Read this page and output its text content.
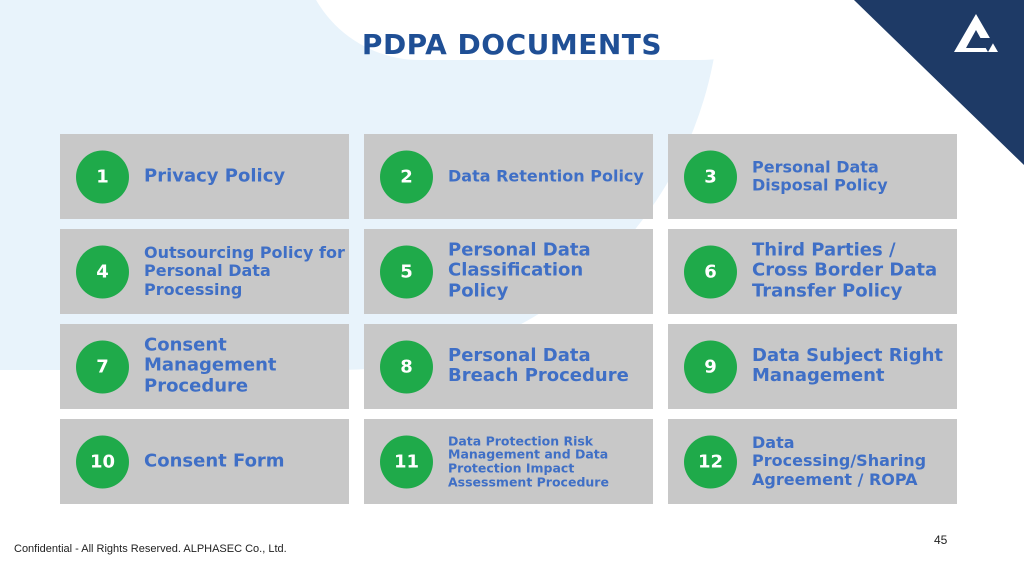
PDPA DOCUMENTS
1	Privacy Policy	2	Data Retention Policy	3	Personal Data Disposal Policy
4
Outsourcing Policy for Personal Data Processing
5
Personal Data Classification Policy
6
Third Parties / Cross Border Data Transfer Policy
7
Consent Management Procedure
8
Personal Data Breach Procedure	9
Data Subject Right Management
10	Consent Form	11
Data Protection Risk Management and Data Protection Impact Assessment Procedure
12
Data Processing/Sharing Agreement / ROPA
45
Confidential - All Rights Reserved. ALPHASEC Co., Ltd.
